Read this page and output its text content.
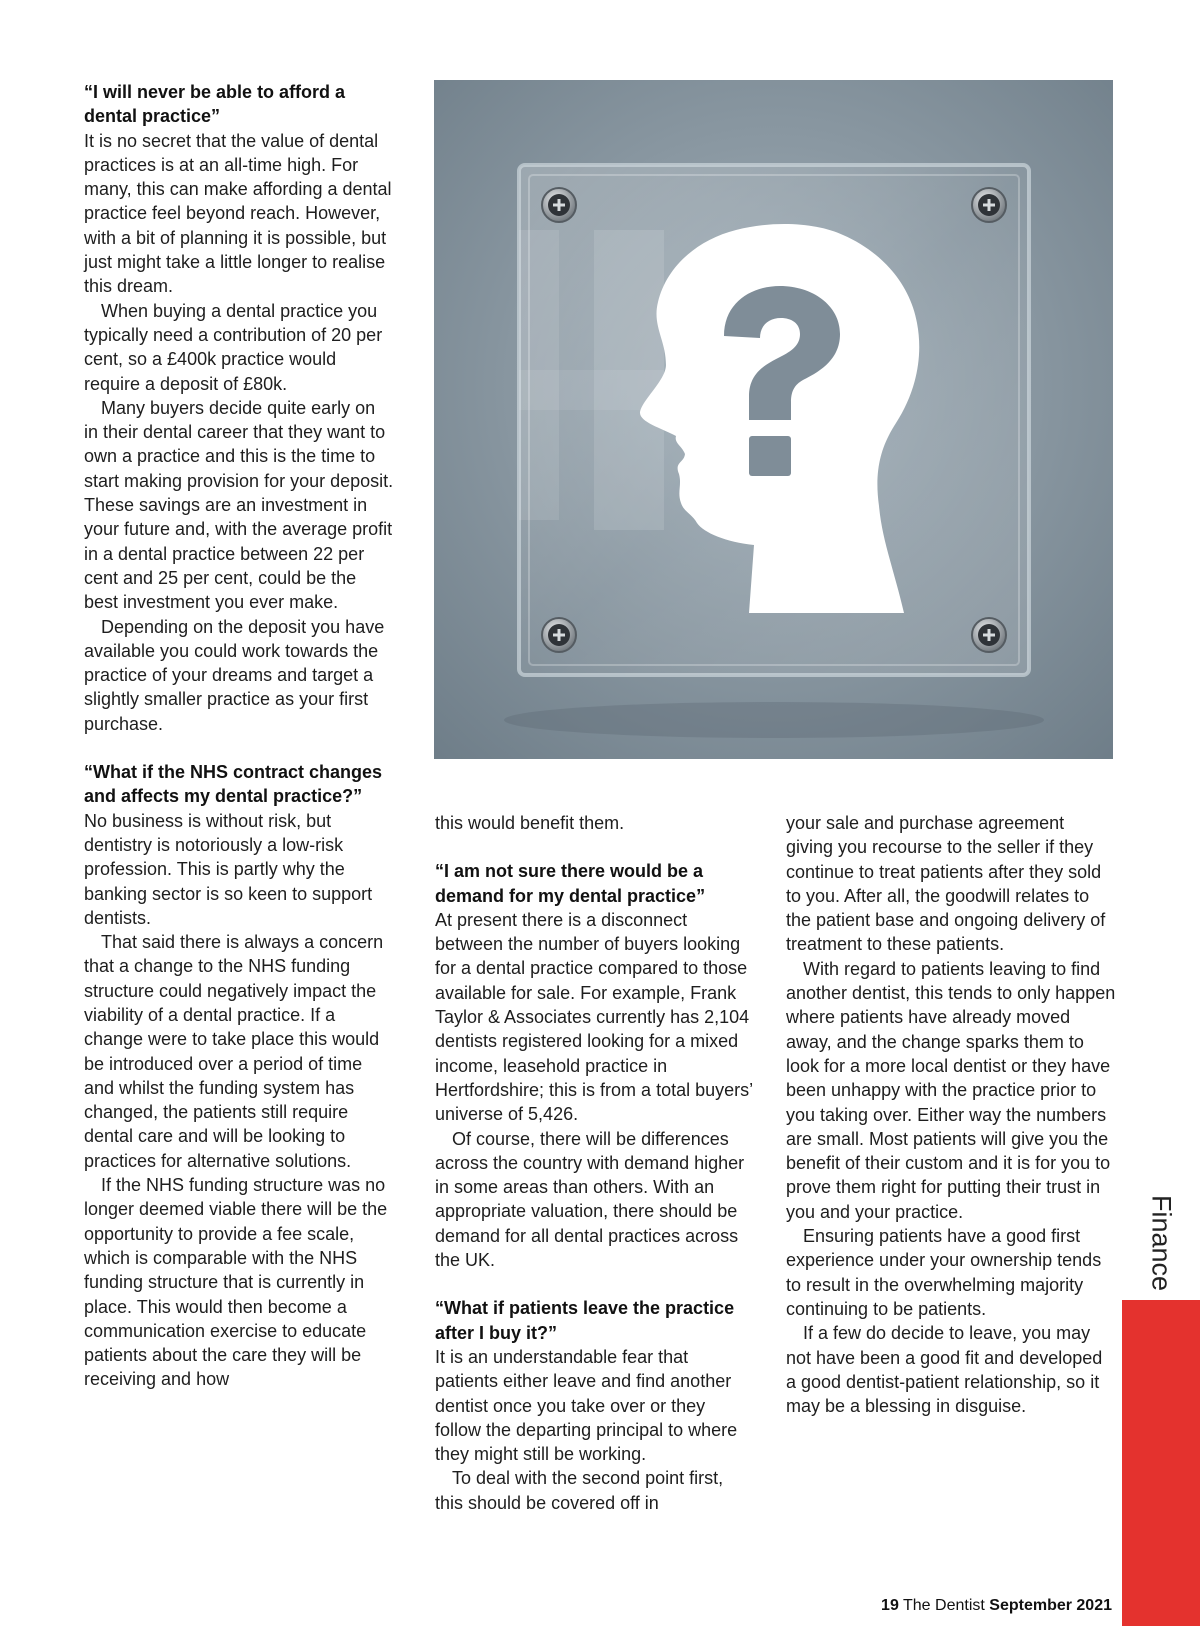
“I will never be able to afford a dental practice”

It is no secret that the value of dental practices is at an all-time high. For many, this can make affording a dental practice feel beyond reach. However, with a bit of planning it is possible, but just might take a little longer to realise this dream.

When buying a dental practice you typically need a contribution of 20 per cent, so a £400k practice would require a deposit of £80k.

Many buyers decide quite early on in their dental career that they want to own a practice and this is the time to start making provision for your deposit. These savings are an investment in your future and, with the average profit in a dental practice between 22 per cent and 25 per cent, could be the best investment you ever make.

Depending on the deposit you have available you could work towards the practice of your dreams and target a slightly smaller practice as your first purchase.

“What if the NHS contract changes and affects my dental practice?”

No business is without risk, but dentistry is notoriously a low-risk profession. This is partly why the banking sector is so keen to support dentists.

That said there is always a concern that a change to the NHS funding structure could negatively impact the viability of a dental practice. If a change were to take place this would be introduced over a period of time and whilst the funding system has changed, the patients still require dental care and will be looking to practices for alternative solutions.

If the NHS funding structure was no longer deemed viable there will be the opportunity to provide a fee scale, which is comparable with the NHS funding structure that is currently in place. This would then become a communication exercise to educate patients about the care they will be receiving and how

this would benefit them.

“I am not sure there would be a demand for my dental practice”

At present there is a disconnect between the number of buyers looking for a dental practice compared to those available for sale. For example, Frank Taylor & Associates currently has 2,104 dentists registered looking for a mixed income, leasehold practice in Hertfordshire; this is from a total buyers’ universe of 5,426.

Of course, there will be differences across the country with demand higher in some areas than others. With an appropriate valuation, there should be demand for all dental practices across the UK.

“What if patients leave the practice after I buy it?”

It is an understandable fear that patients either leave and find another dentist once you take over or they follow the departing principal to where they might still be working.

To deal with the second point first, this should be covered off in

your sale and purchase agreement giving you recourse to the seller if they continue to treat patients after they sold to you. After all, the goodwill relates to the patient base and ongoing delivery of treatment to these patients.

With regard to patients leaving to find another dentist, this tends to only happen where patients have already moved away, and the change sparks them to look for a more local dentist or they have been unhappy with the practice prior to you taking over. Either way the numbers are small. Most patients will give you the benefit of their custom and it is for you to prove them right for putting their trust in you and your practice.

Ensuring patients have a good first experience under your ownership tends to result in the overwhelming majority continuing to be patients.

If a few do decide to leave, you may not have been a good fit and developed a good dentist-patient relationship, so it may be a blessing in disguise.

Finance
19 The Dentist September 2021
